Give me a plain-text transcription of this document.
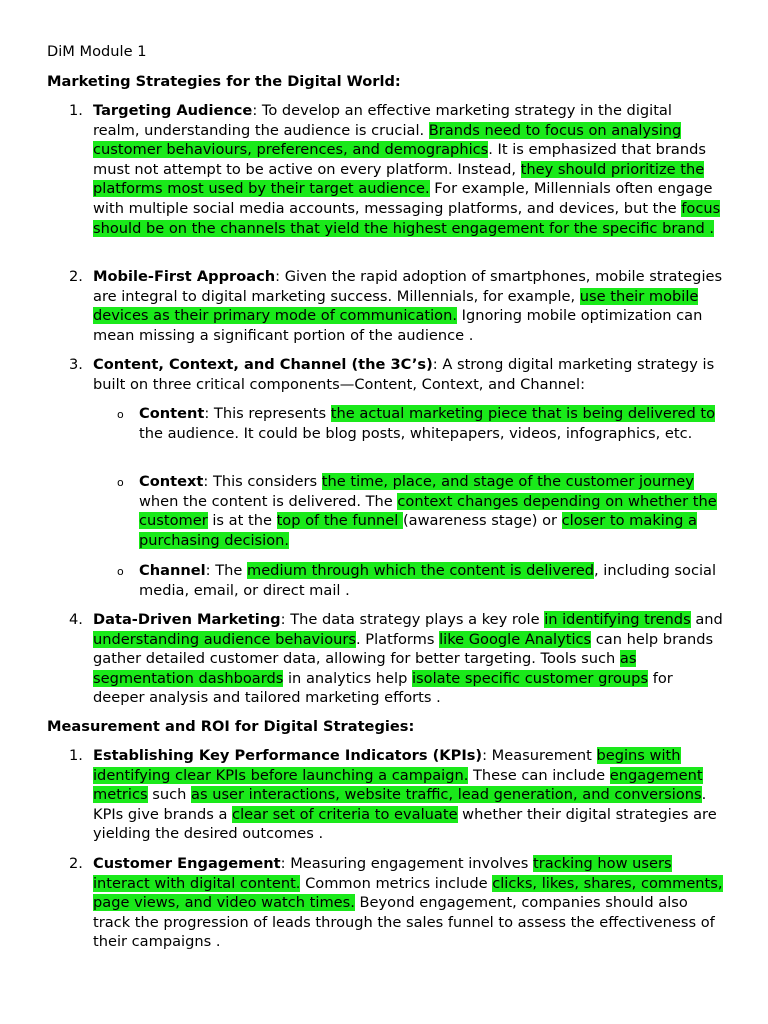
DiM Module 1
Marketing Strategies for the Digital World:
1. Targeting Audience: To develop an effective marketing strategy in the digital realm, understanding the audience is crucial. Brands need to focus on analysing customer behaviours, preferences, and demographics. It is emphasized that brands must not attempt to be active on every platform. Instead, they should prioritize the platforms most used by their target audience. For example, Millennials often engage with multiple social media accounts, messaging platforms, and devices, but the focus should be on the channels that yield the highest engagement for the specific brand .
2. Mobile-First Approach: Given the rapid adoption of smartphones, mobile strategies are integral to digital marketing success. Millennials, for example, use their mobile devices as their primary mode of communication. Ignoring mobile optimization can mean missing a significant portion of the audience .
3. Content, Context, and Channel (the 3C’s): A strong digital marketing strategy is built on three critical components—Content, Context, and Channel:
4. Data-Driven Marketing: The data strategy plays a key role in identifying trends and understanding audience behaviours. Platforms like Google Analytics can help brands gather detailed customer data, allowing for better targeting. Tools such as segmentation dashboards in analytics help isolate specific customer groups for deeper analysis and tailored marketing efforts .
o Content: This represents the actual marketing piece that is being delivered to the audience. It could be blog posts, whitepapers, videos, infographics, etc.
o Context: This considers the time, place, and stage of the customer journey when the content is delivered. The context changes depending on whether the customer is at the top of the funnel (awareness stage) or closer to making a purchasing decision.
o Channel: The medium through which the content is delivered, including social media, email, or direct mail .
Measurement and ROI for Digital Strategies:
1. Establishing Key Performance Indicators (KPIs): Measurement begins with identifying clear KPIs before launching a campaign. These can include engagement metrics such as user interactions, website traffic, lead generation, and conversions. KPIs give brands a clear set of criteria to evaluate whether their digital strategies are yielding the desired outcomes .
2. Customer Engagement: Measuring engagement involves tracking how users interact with digital content. Common metrics include clicks, likes, shares, comments, page views, and video watch times. Beyond engagement, companies should also track the progression of leads through the sales funnel to assess the effectiveness of their campaigns .
